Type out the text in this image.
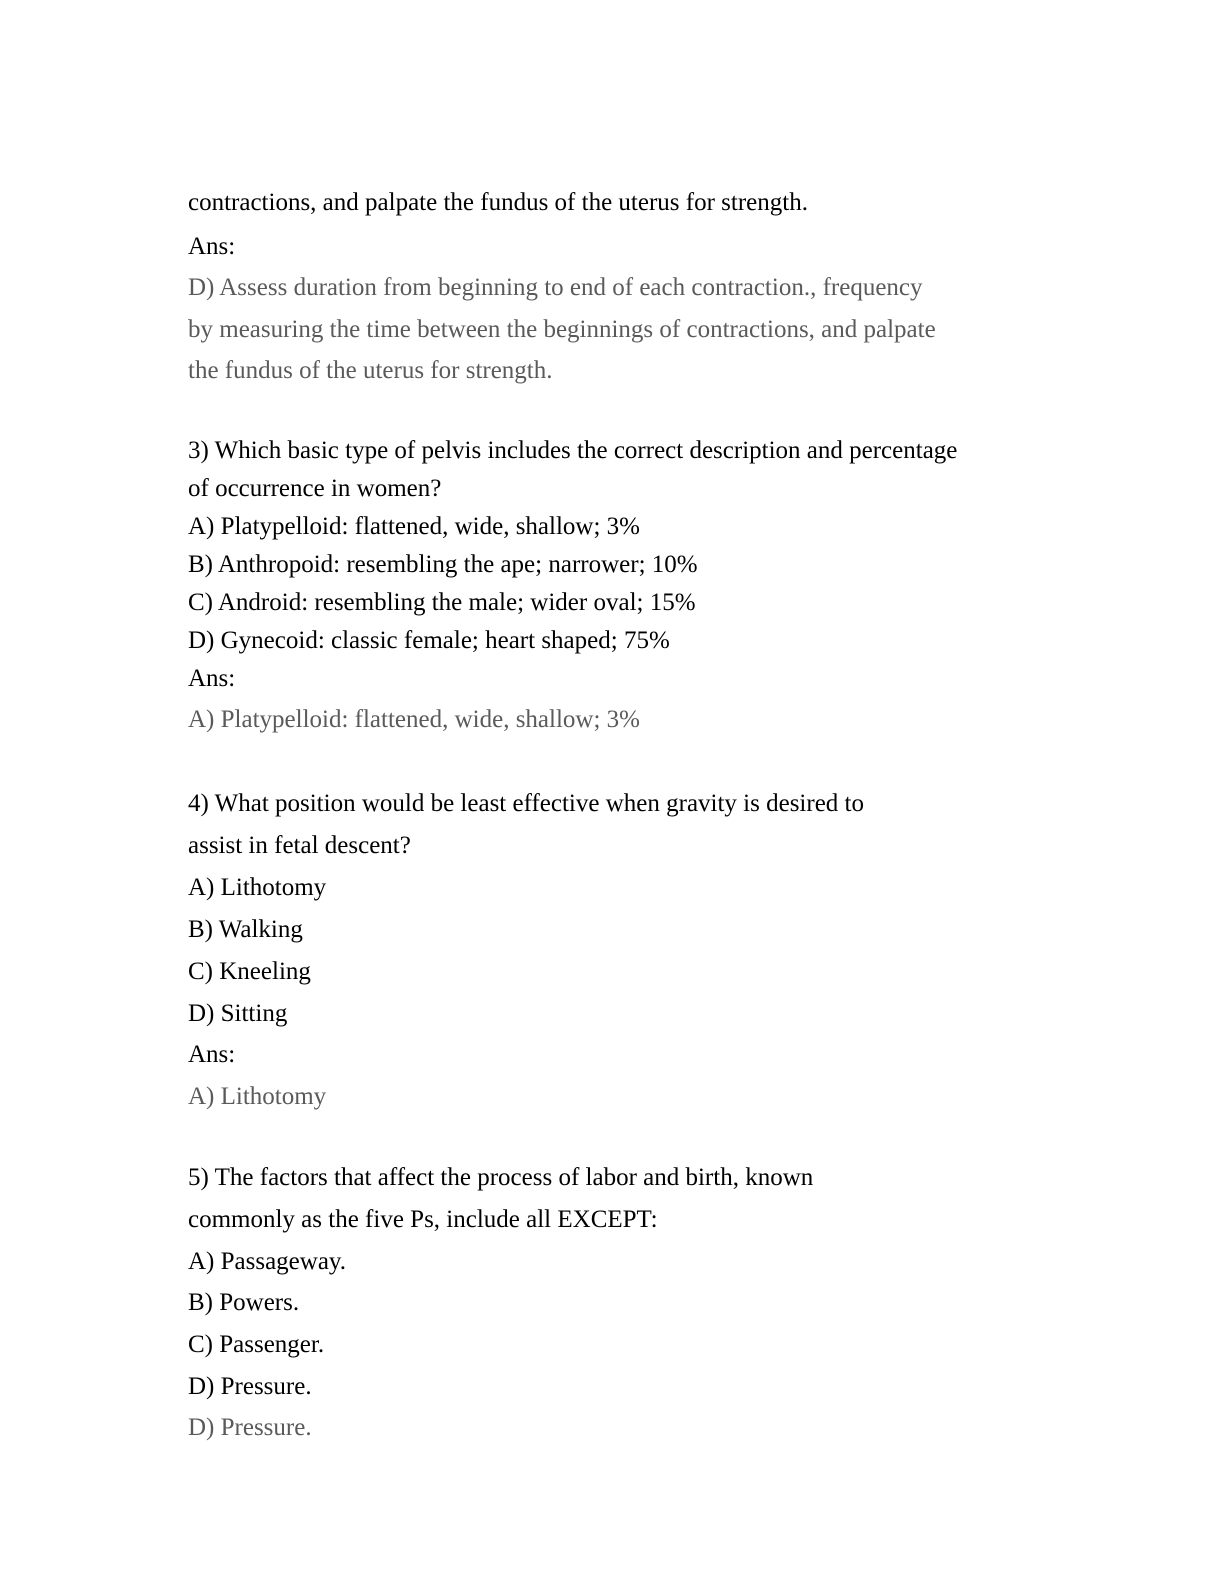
contractions, and palpate the fundus of the uterus for strength.
Ans:
D) Assess duration from beginning to end of each contraction., frequency
by measuring the time between the beginnings of contractions, and palpate
the fundus of the uterus for strength.
3) Which basic type of pelvis includes the correct description and percentage
of occurrence in women?
A) Platypelloid: flattened, wide, shallow; 3%
B) Anthropoid: resembling the ape; narrower; 10%
C) Android: resembling the male; wider oval; 15%
D) Gynecoid: classic female; heart shaped; 75%
Ans:
A) Platypelloid: flattened, wide, shallow; 3%
4) What position would be least effective when gravity is desired to
assist in fetal descent?
A) Lithotomy
B) Walking
C) Kneeling
D) Sitting
Ans:
A) Lithotomy
5) The factors that affect the process of labor and birth, known
commonly as the five Ps, include all EXCEPT:
A) Passageway.
B) Powers.
C) Passenger.
D) Pressure.
D) Pressure.
